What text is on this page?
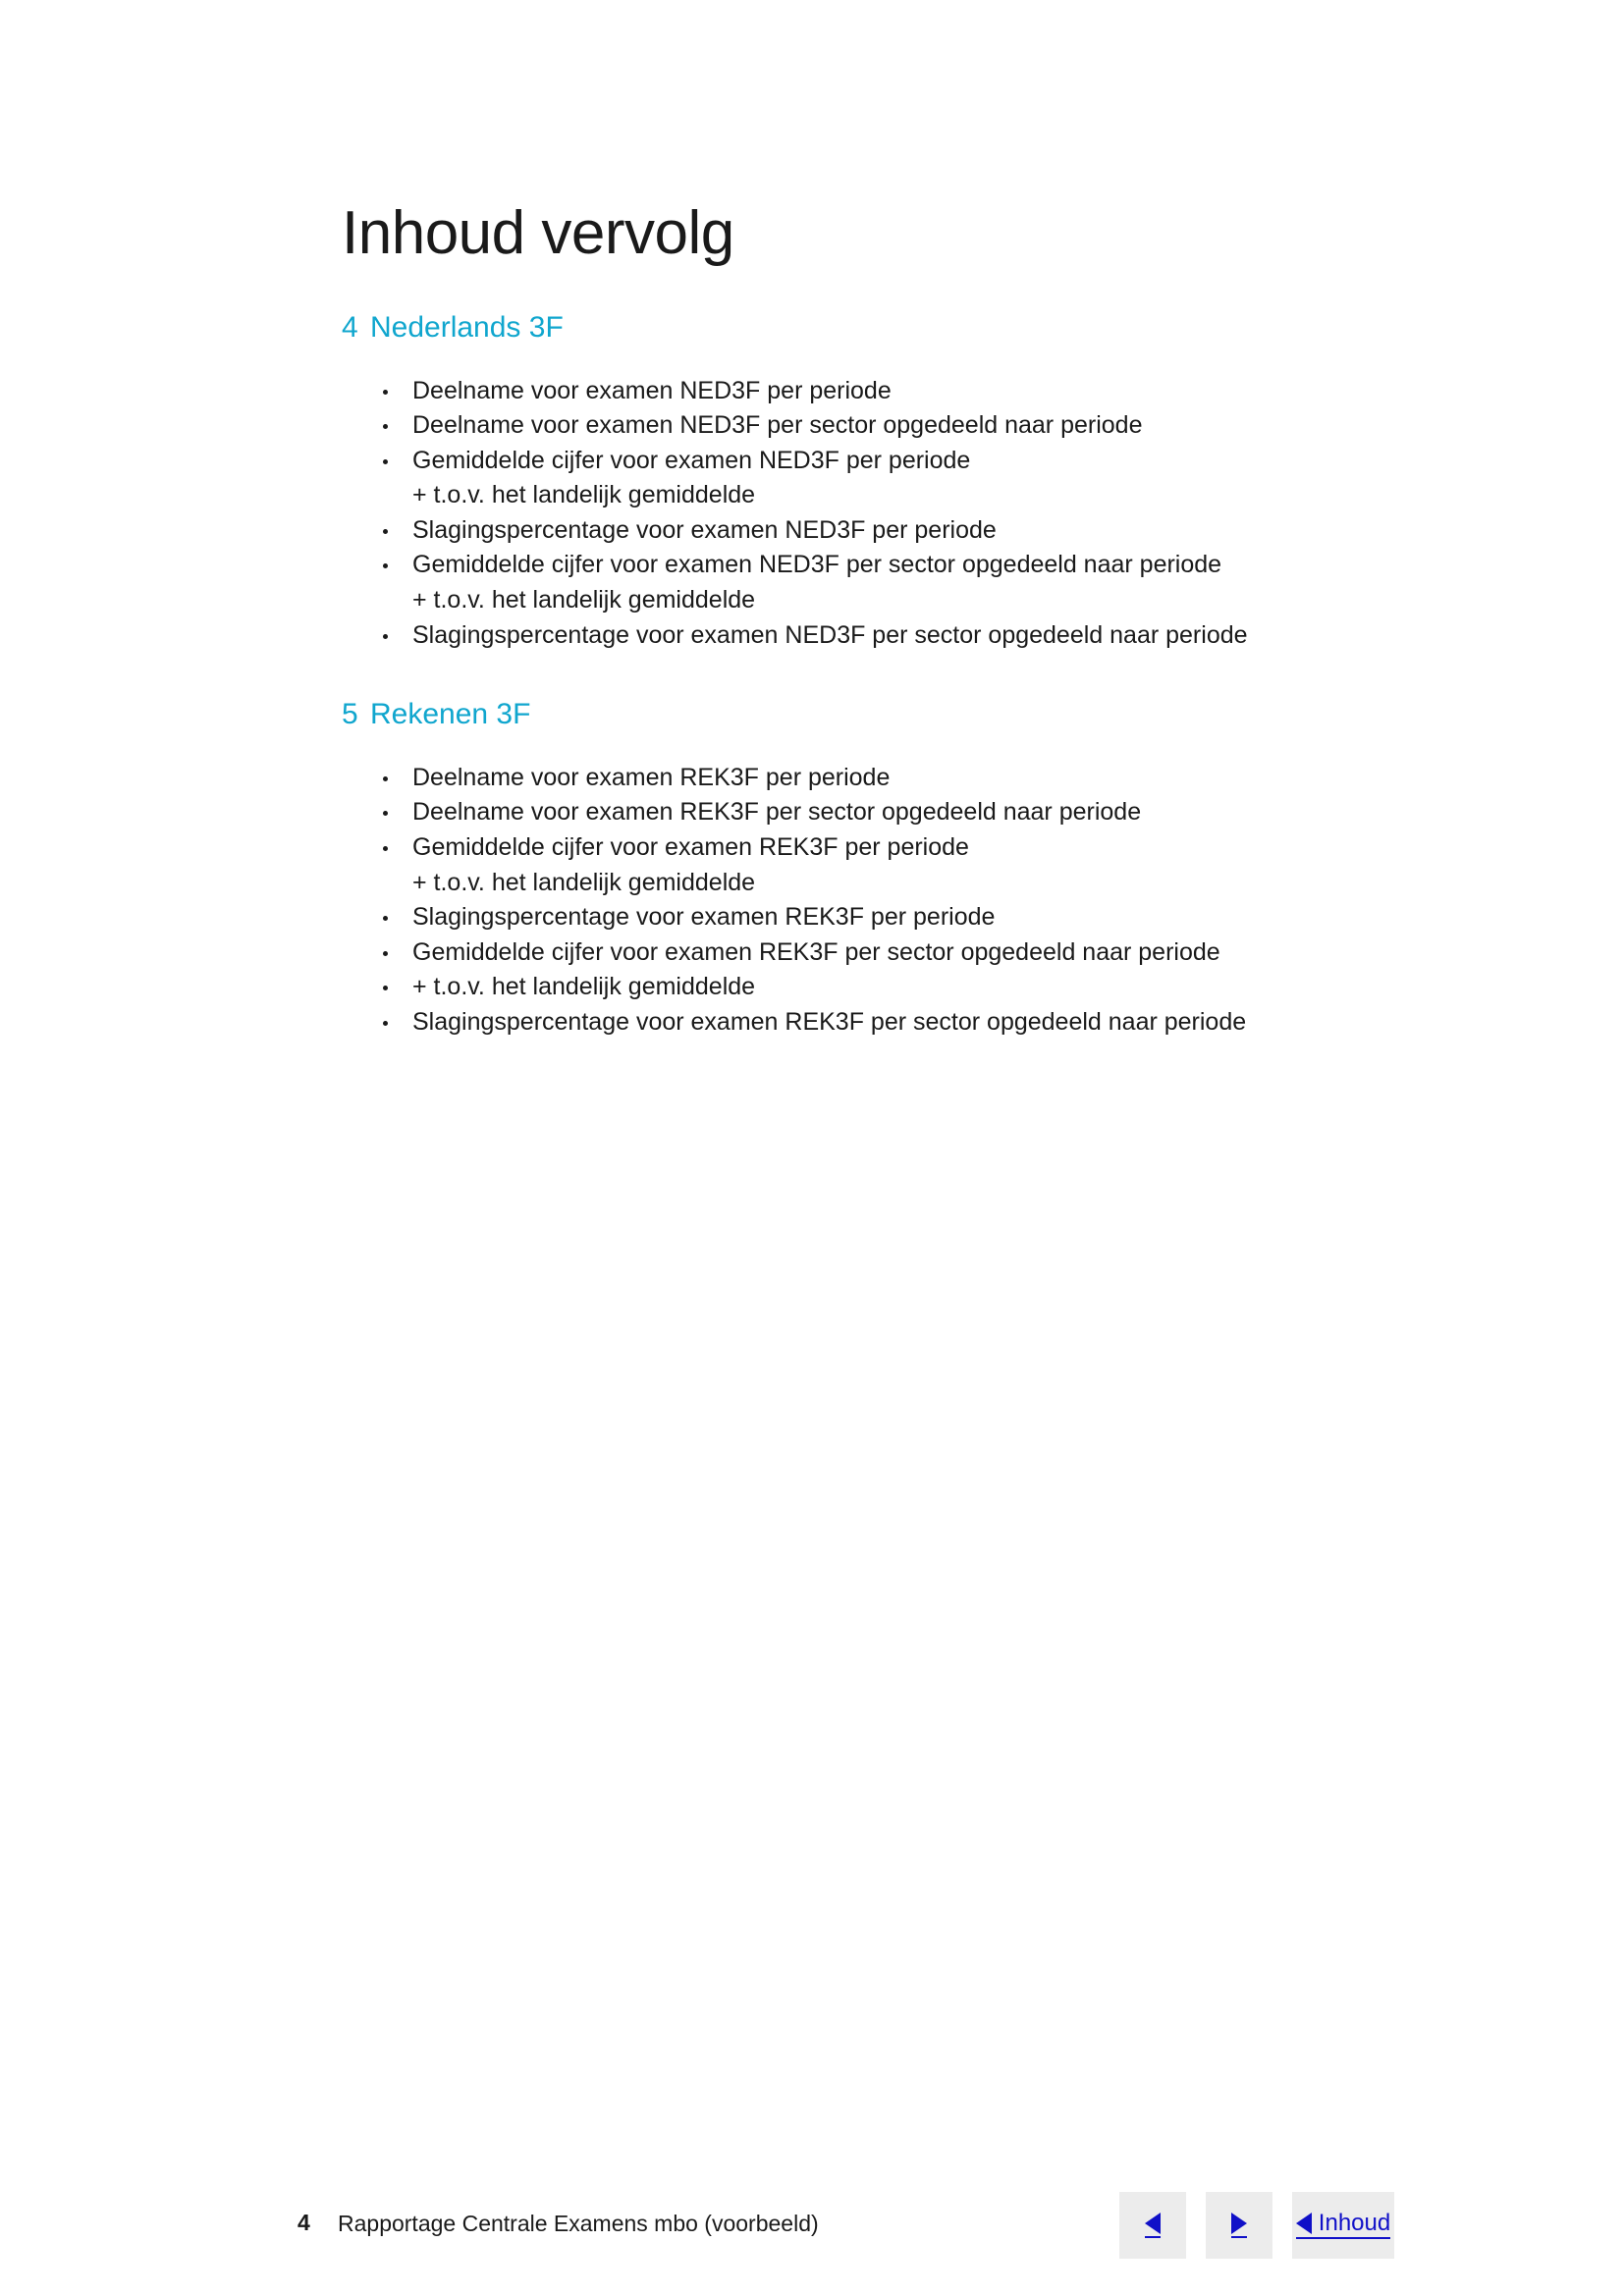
Inhoud vervolg
4 Nederlands 3F
Deelname voor examen NED3F per periode
Deelname voor examen NED3F per sector opgedeeld naar periode
Gemiddelde cijfer voor examen NED3F per periode
+ t.o.v. het landelijk gemiddelde
Slagingspercentage voor examen NED3F per periode
Gemiddelde cijfer voor examen NED3F per sector opgedeeld naar periode
+ t.o.v. het landelijk gemiddelde
Slagingspercentage voor examen NED3F per sector opgedeeld naar periode
5 Rekenen 3F
Deelname voor examen REK3F per periode
Deelname voor examen REK3F per sector opgedeeld naar periode
Gemiddelde cijfer voor examen REK3F per periode
+ t.o.v. het landelijk gemiddelde
Slagingspercentage voor examen REK3F per periode
Gemiddelde cijfer voor examen REK3F per sector opgedeeld naar periode
+ t.o.v. het landelijk gemiddelde
Slagingspercentage voor examen REK3F per sector opgedeeld naar periode
4 Rapportage Centrale Examens mbo (voorbeeld)	Inhoud
